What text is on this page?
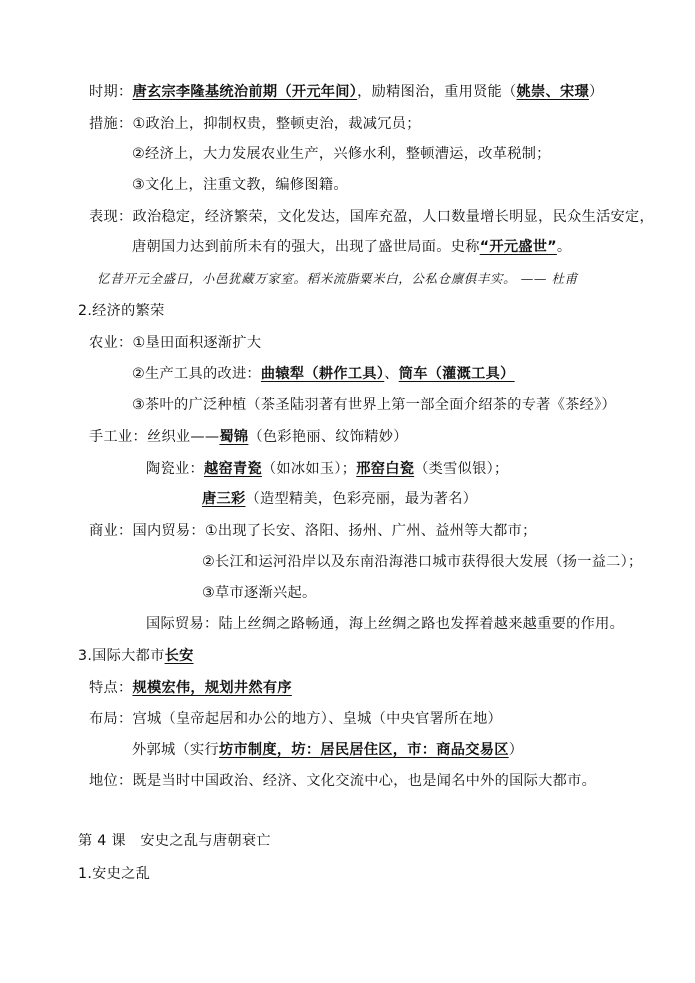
时期：唐玄宗李隆基统治前期（开元年间），励精图治，重用贤能（姚崇、宋璟）
措施：①政治上，抑制权贵，整顿吏治，裁减冗员；
②经济上，大力发展农业生产，兴修水利，整顿漕运，改革税制；
③文化上，注重文教，编修图籍。
表现：政治稳定，经济繁荣，文化发达，国库充盈，人口数量增长明显，民众生活安定，
唐朝国力达到前所未有的强大，出现了盛世局面。史称“开元盛世”。
忆昔开元全盛日，小邑犹藏万家室。稻米流脂粟米白，公私仓廪俱丰实。 —— 杜甫
2.经济的繁荣
农业：①垦田面积逐渐扩大
②生产工具的改进：曲辕犁（耕作工具）、筒车（灌溉工具）
③茶叶的广泛种植（茶圣陆羽著有世界上第一部全面介绍茶的专著《茶经》）
手工业：丝织业——蜀锦（色彩艳丽、纹饰精妙）
陶瓷业：越窑青瓷（如冰如玉）；邢窑白瓷（类雪似银）；
唐三彩（造型精美，色彩亮丽，最为著名）
商业：国内贸易：①出现了长安、洛阳、扬州、广州、益州等大都市；
②长江和运河沿岸以及东南沿海港口城市获得很大发展（扬一益二）；
③草市逐渐兴起。
国际贸易：陆上丝绸之路畅通，海上丝绸之路也发挥着越来越重要的作用。
3.国际大都市长安
特点：规模宏伟，规划井然有序
布局：宫城（皇帝起居和办公的地方）、皇城（中央官署所在地）
外郭城（实行坊市制度，坊：居民居住区，市：商品交易区）
地位：既是当时中国政治、经济、文化交流中心，也是闻名中外的国际大都市。
第 4 课　安史之乱与唐朝衰亡
1.安史之乱
